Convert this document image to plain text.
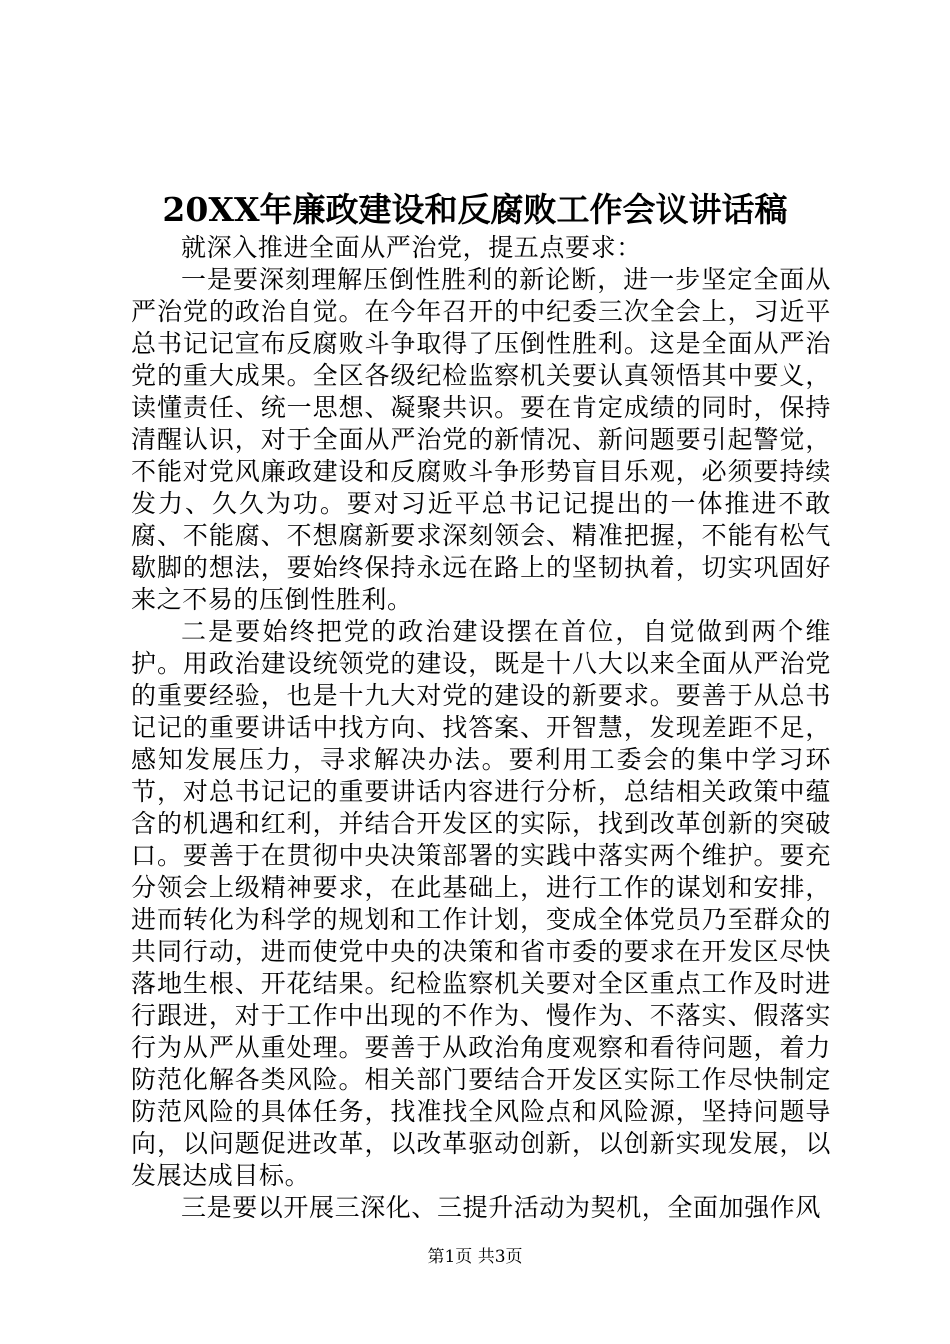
20XX年廉政建设和反腐败工作会议讲话稿

就深入推进全面从严治党，提五点要求：

一是要深刻理解压倒性胜利的新论断，进一步坚定全面从严治党的政治自觉。在今年召开的中纪委三次全会上，习近平总书记记宣布反腐败斗争取得了压倒性胜利。这是全面从严治党的重大成果。全区各级纪检监察机关要认真领悟其中要义，读懂责任、统一思想、凝聚共识。要在肯定成绩的同时，保持清醒认识，对于全面从严治党的新情况、新问题要引起警觉，不能对党风廉政建设和反腐败斗争形势盲目乐观，必须要持续发力、久久为功。要对习近平总书记记提出的一体推进不敢腐、不能腐、不想腐新要求深刻领会、精准把握，不能有松气歇脚的想法，要始终保持永远在路上的坚韧执着，切实巩固好来之不易的压倒性胜利。

二是要始终把党的政治建设摆在首位，自觉做到两个维护。用政治建设统领党的建设，既是十八大以来全面从严治党的重要经验，也是十九大对党的建设的新要求。要善于从总书记记的重要讲话中找方向、找答案、开智慧，发现差距不足，感知发展压力，寻求解决办法。要利用工委会的集中学习环节，对总书记记的重要讲话内容进行分析，总结相关政策中蕴含的机遇和红利，并结合开发区的实际，找到改革创新的突破口。要善于在贯彻中央决策部署的实践中落实两个维护。要充分领会上级精神要求，在此基础上，进行工作的谋划和安排，进而转化为科学的规划和工作计划，变成全体党员乃至群众的共同行动，进而使党中央的决策和省市委的要求在开发区尽快落地生根、开花结果。纪检监察机关要对全区重点工作及时进行跟进，对于工作中出现的不作为、慢作为、不落实、假落实行为从严从重处理。要善于从政治角度观察和看待问题，着力防范化解各类风险。相关部门要结合开发区实际工作尽快制定防范风险的具体任务，找准找全风险点和风险源，坚持问题导向，以问题促进改革，以改革驱动创新，以创新实现发展，以发展达成目标。

三是要以开展三深化、三提升活动为契机，全面加强作风

第1页 共3页
